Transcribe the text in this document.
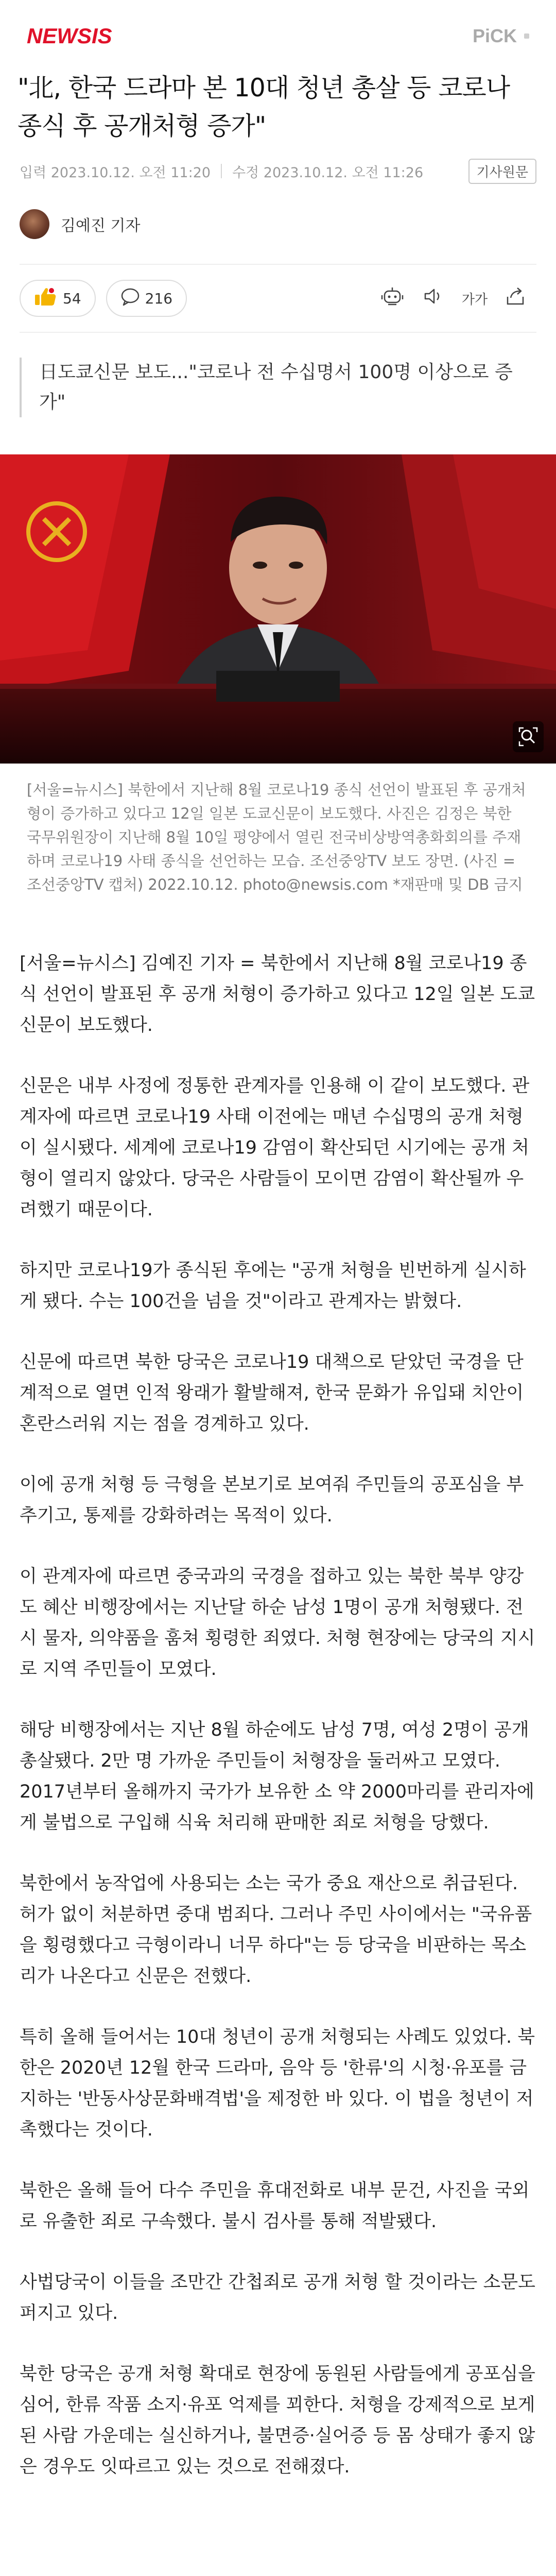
NEWSIS	PiCK
"北, 한국 드라마 본 10대 청년 총살 등 코로나 종식 후 공개처형 증가"
입력 2023.10.12. 오전 11:20 수정 2023.10.12. 오전 11:26	기사원문
김예진 기자
54	216	가가
日도쿄신문 보도..."코로나 전 수십명서 100명 이상으로 증가"
[서울=뉴시스] 북한에서 지난해 8월 코로나19 종식 선언이 발표된 후 공개처형이 증가하고 있다고 12일 일본 도쿄신문이 보도했다. 사진은 김정은 북한 국무위원장이 지난해 8월 10일 평양에서 열린 전국비상방역총화회의를 주재하며 코로나19 사태 종식을 선언하는 모습. 조선중앙TV 보도 장면. (사진 = 조선중앙TV 캡처) 2022.10.12. photo@newsis.com *재판매 및 DB 금지

[서울=뉴시스] 김예진 기자 = 북한에서 지난해 8월 코로나19 종식 선언이 발표된 후 공개 처형이 증가하고 있다고 12일 일본 도쿄신문이 보도했다.

신문은 내부 사정에 정통한 관계자를 인용해 이 같이 보도했다. 관계자에 따르면 코로나19 사태 이전에는 매년 수십명의 공개 처형이 실시됐다. 세계에 코로나19 감염이 확산되던 시기에는 공개 처형이 열리지 않았다. 당국은 사람들이 모이면 감염이 확산될까 우려했기 때문이다.

하지만 코로나19가 종식된 후에는 "공개 처형을 빈번하게 실시하게 됐다. 수는 100건을 넘을 것"이라고 관계자는 밝혔다.

신문에 따르면 북한 당국은 코로나19 대책으로 닫았던 국경을 단계적으로 열면 인적 왕래가 활발해져, 한국 문화가 유입돼 치안이 혼란스러워 지는 점을 경계하고 있다.

이에 공개 처형 등 극형을 본보기로 보여줘 주민들의 공포심을 부추기고, 통제를 강화하려는 목적이 있다.

이 관계자에 따르면 중국과의 국경을 접하고 있는 북한 북부 양강도 혜산 비행장에서는 지난달 하순 남성 1명이 공개 처형됐다. 전시 물자, 의약품을 훔쳐 횡령한 죄였다. 처형 현장에는 당국의 지시로 지역 주민들이 모였다.

해당 비행장에서는 지난 8월 하순에도 남성 7명, 여성 2명이 공개 총살됐다. 2만 명 가까운 주민들이 처형장을 둘러싸고 모였다. 2017년부터 올해까지 국가가 보유한 소 약 2000마리를 관리자에게 불법으로 구입해 식육 처리해 판매한 죄로 처형을 당했다.

북한에서 농작업에 사용되는 소는 국가 중요 재산으로 취급된다. 허가 없이 처분하면 중대 범죄다. 그러나 주민 사이에서는 "국유품을 횡령했다고 극형이라니 너무 하다"는 등 당국을 비판하는 목소리가 나온다고 신문은 전했다.

특히 올해 들어서는 10대 청년이 공개 처형되는 사례도 있었다. 북한은 2020년 12월 한국 드라마, 음악 등 '한류'의 시청·유포를 금지하는 '반동사상문화배격법'을 제정한 바 있다. 이 법을 청년이 저촉했다는 것이다.

북한은 올해 들어 다수 주민을 휴대전화로 내부 문건, 사진을 국외로 유출한 죄로 구속했다. 불시 검사를 통해 적발됐다.

사법당국이 이들을 조만간 간첩죄로 공개 처형 할 것이라는 소문도 퍼지고 있다.

북한 당국은 공개 처형 확대로 현장에 동원된 사람들에게 공포심을 심어, 한류 작품 소지·유포 억제를 꾀한다. 처형을 강제적으로 보게 된 사람 가운데는 실신하거나, 불면증·실어증 등 몸 상태가 좋지 않은 경우도 잇따르고 있는 것으로 전해졌다.
